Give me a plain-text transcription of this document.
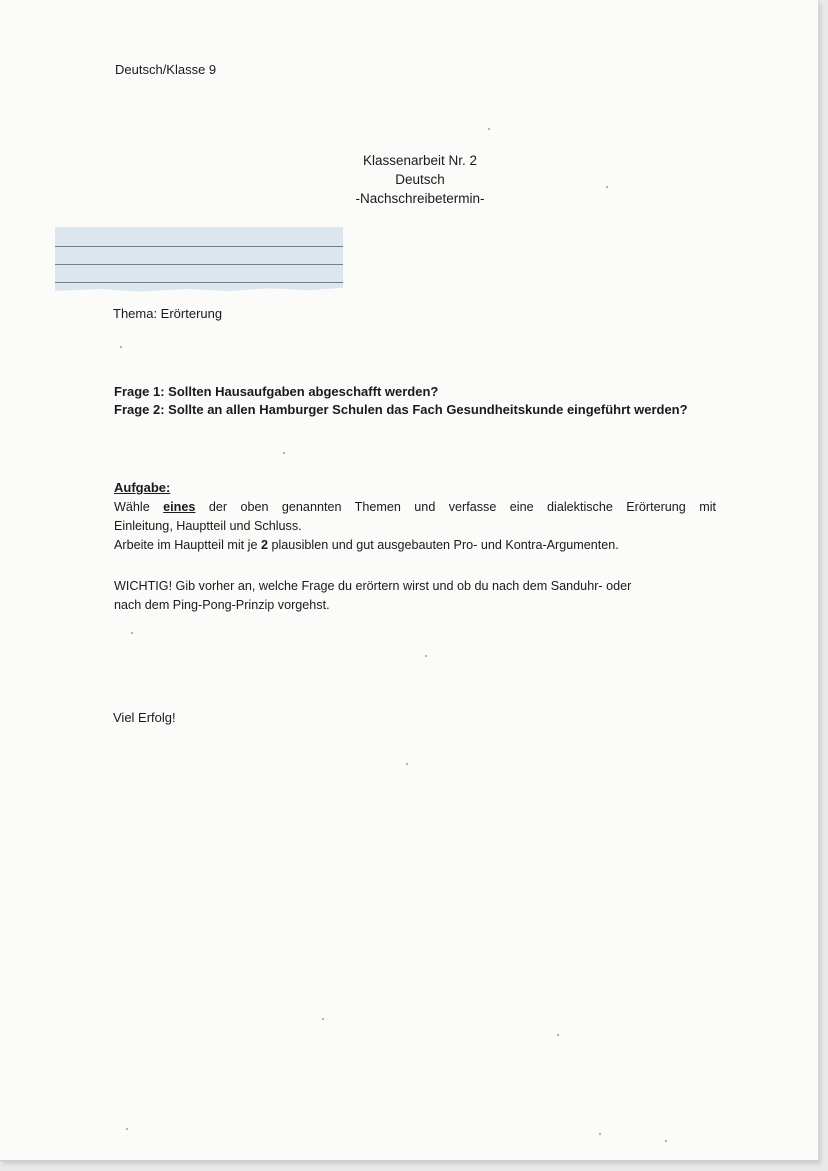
Deutsch/Klasse 9

Klassenarbeit Nr. 2
Deutsch
-Nachschreibetermin-

Thema: Erörterung

Frage 1: Sollten Hausaufgaben abgeschafft werden?

Frage 2: Sollte an allen Hamburger Schulen das Fach Gesundheitskunde eingeführt werden?

Aufgabe:

Wähle eines der oben genannten Themen und verfasse eine dialektische Erörterung mit
Einleitung, Hauptteil und Schluss.
Arbeite im Hauptteil mit je 2 plausiblen und gut ausgebauten Pro- und Kontra-Argumenten.
WICHTIG! Gib vorher an, welche Frage du erörtern wirst und ob du nach dem Sanduhr- oder
nach dem Ping-Pong-Prinzip vorgehst.

Viel Erfolg!
